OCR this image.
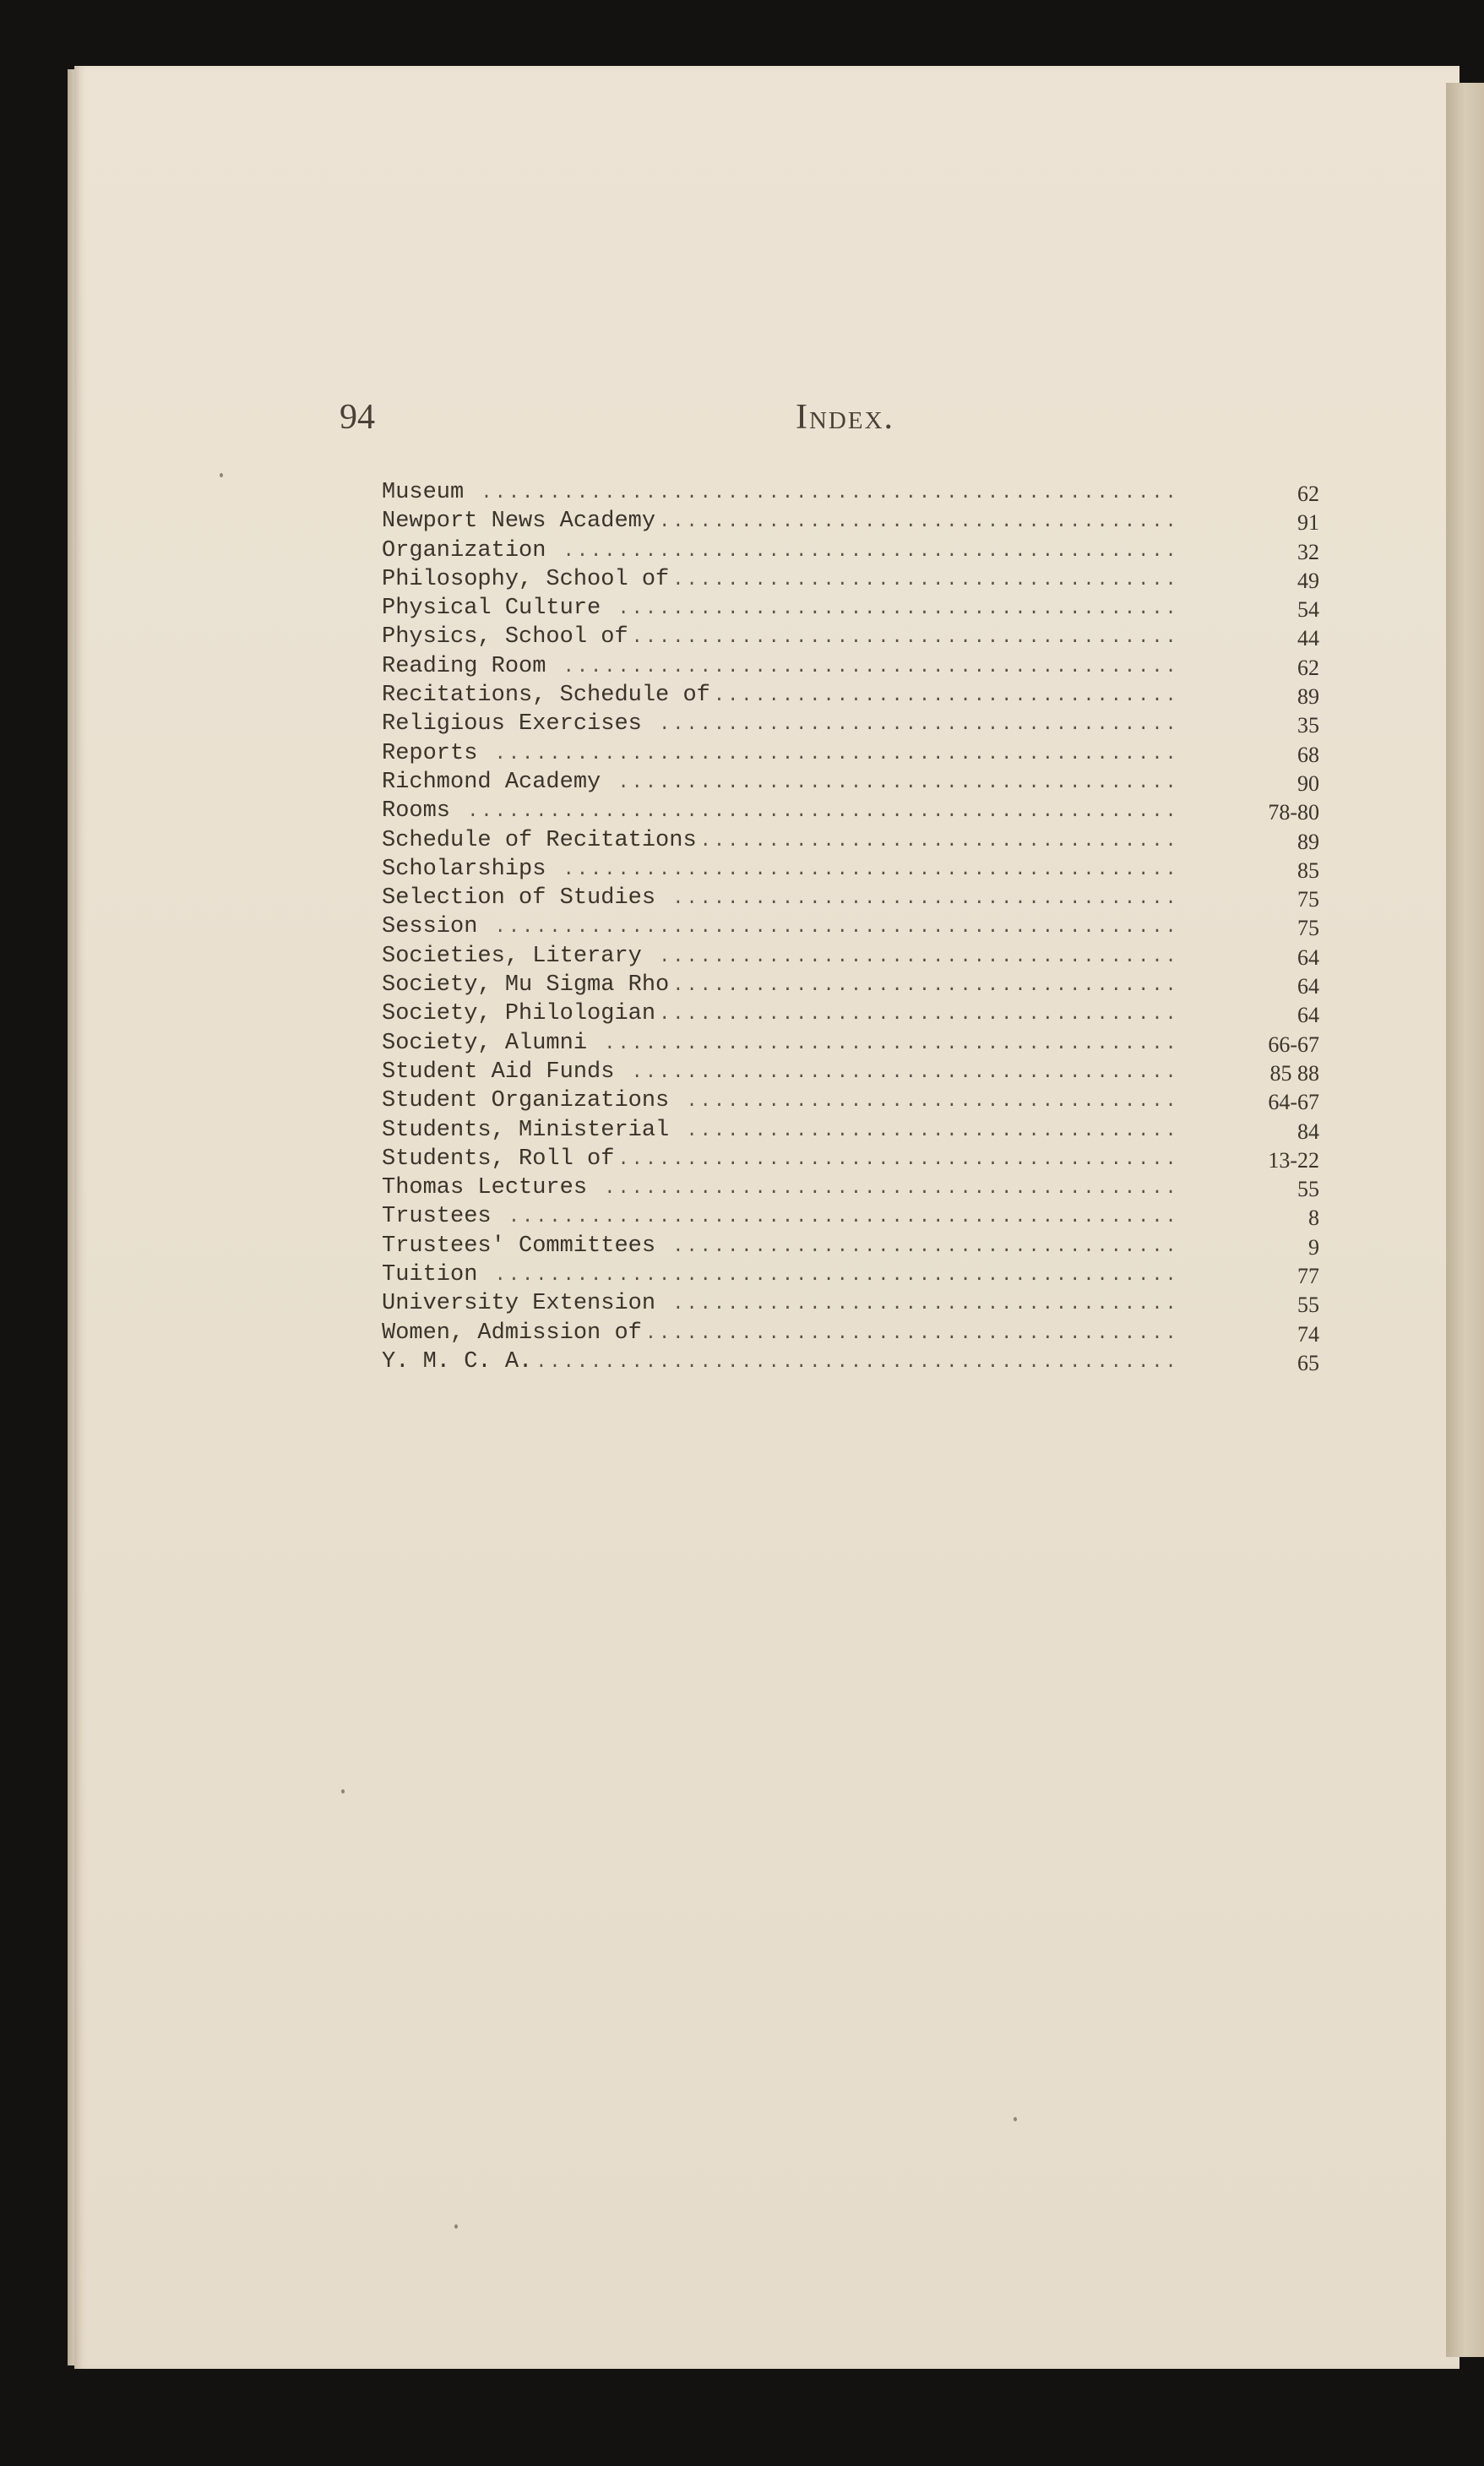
94	Index.
Museum .....	62
Newport News Academy .....	91
Organization .....	32
Philosophy, School of .....	49
Physical Culture .....	54
Physics, School of .....	44
Reading Room .....	62
Recitations, Schedule of .....	89
Religious Exercises .....	35
Reports .....	68
Richmond Academy .....	90
Rooms .....	78-80
Schedule of Recitations .....	89
Scholarships .....	85
Selection of Studies .....	75
Session .....	75
Societies, Literary .....	64
Society, Mu Sigma Rho .....	64
Society, Philologian .....	64
Society, Alumni .....	66-67
Student Aid Funds .....	85 88
Student Organizations .....	64-67
Students, Ministerial .....	84
Students, Roll of .....	13-22
Thomas Lectures .....	55
Trustees .....	8
Trustees' Committees .....	9
Tuition .....	77
University Extension .....	55
Women, Admission of .....	74
Y. M. C. A. .....	65
